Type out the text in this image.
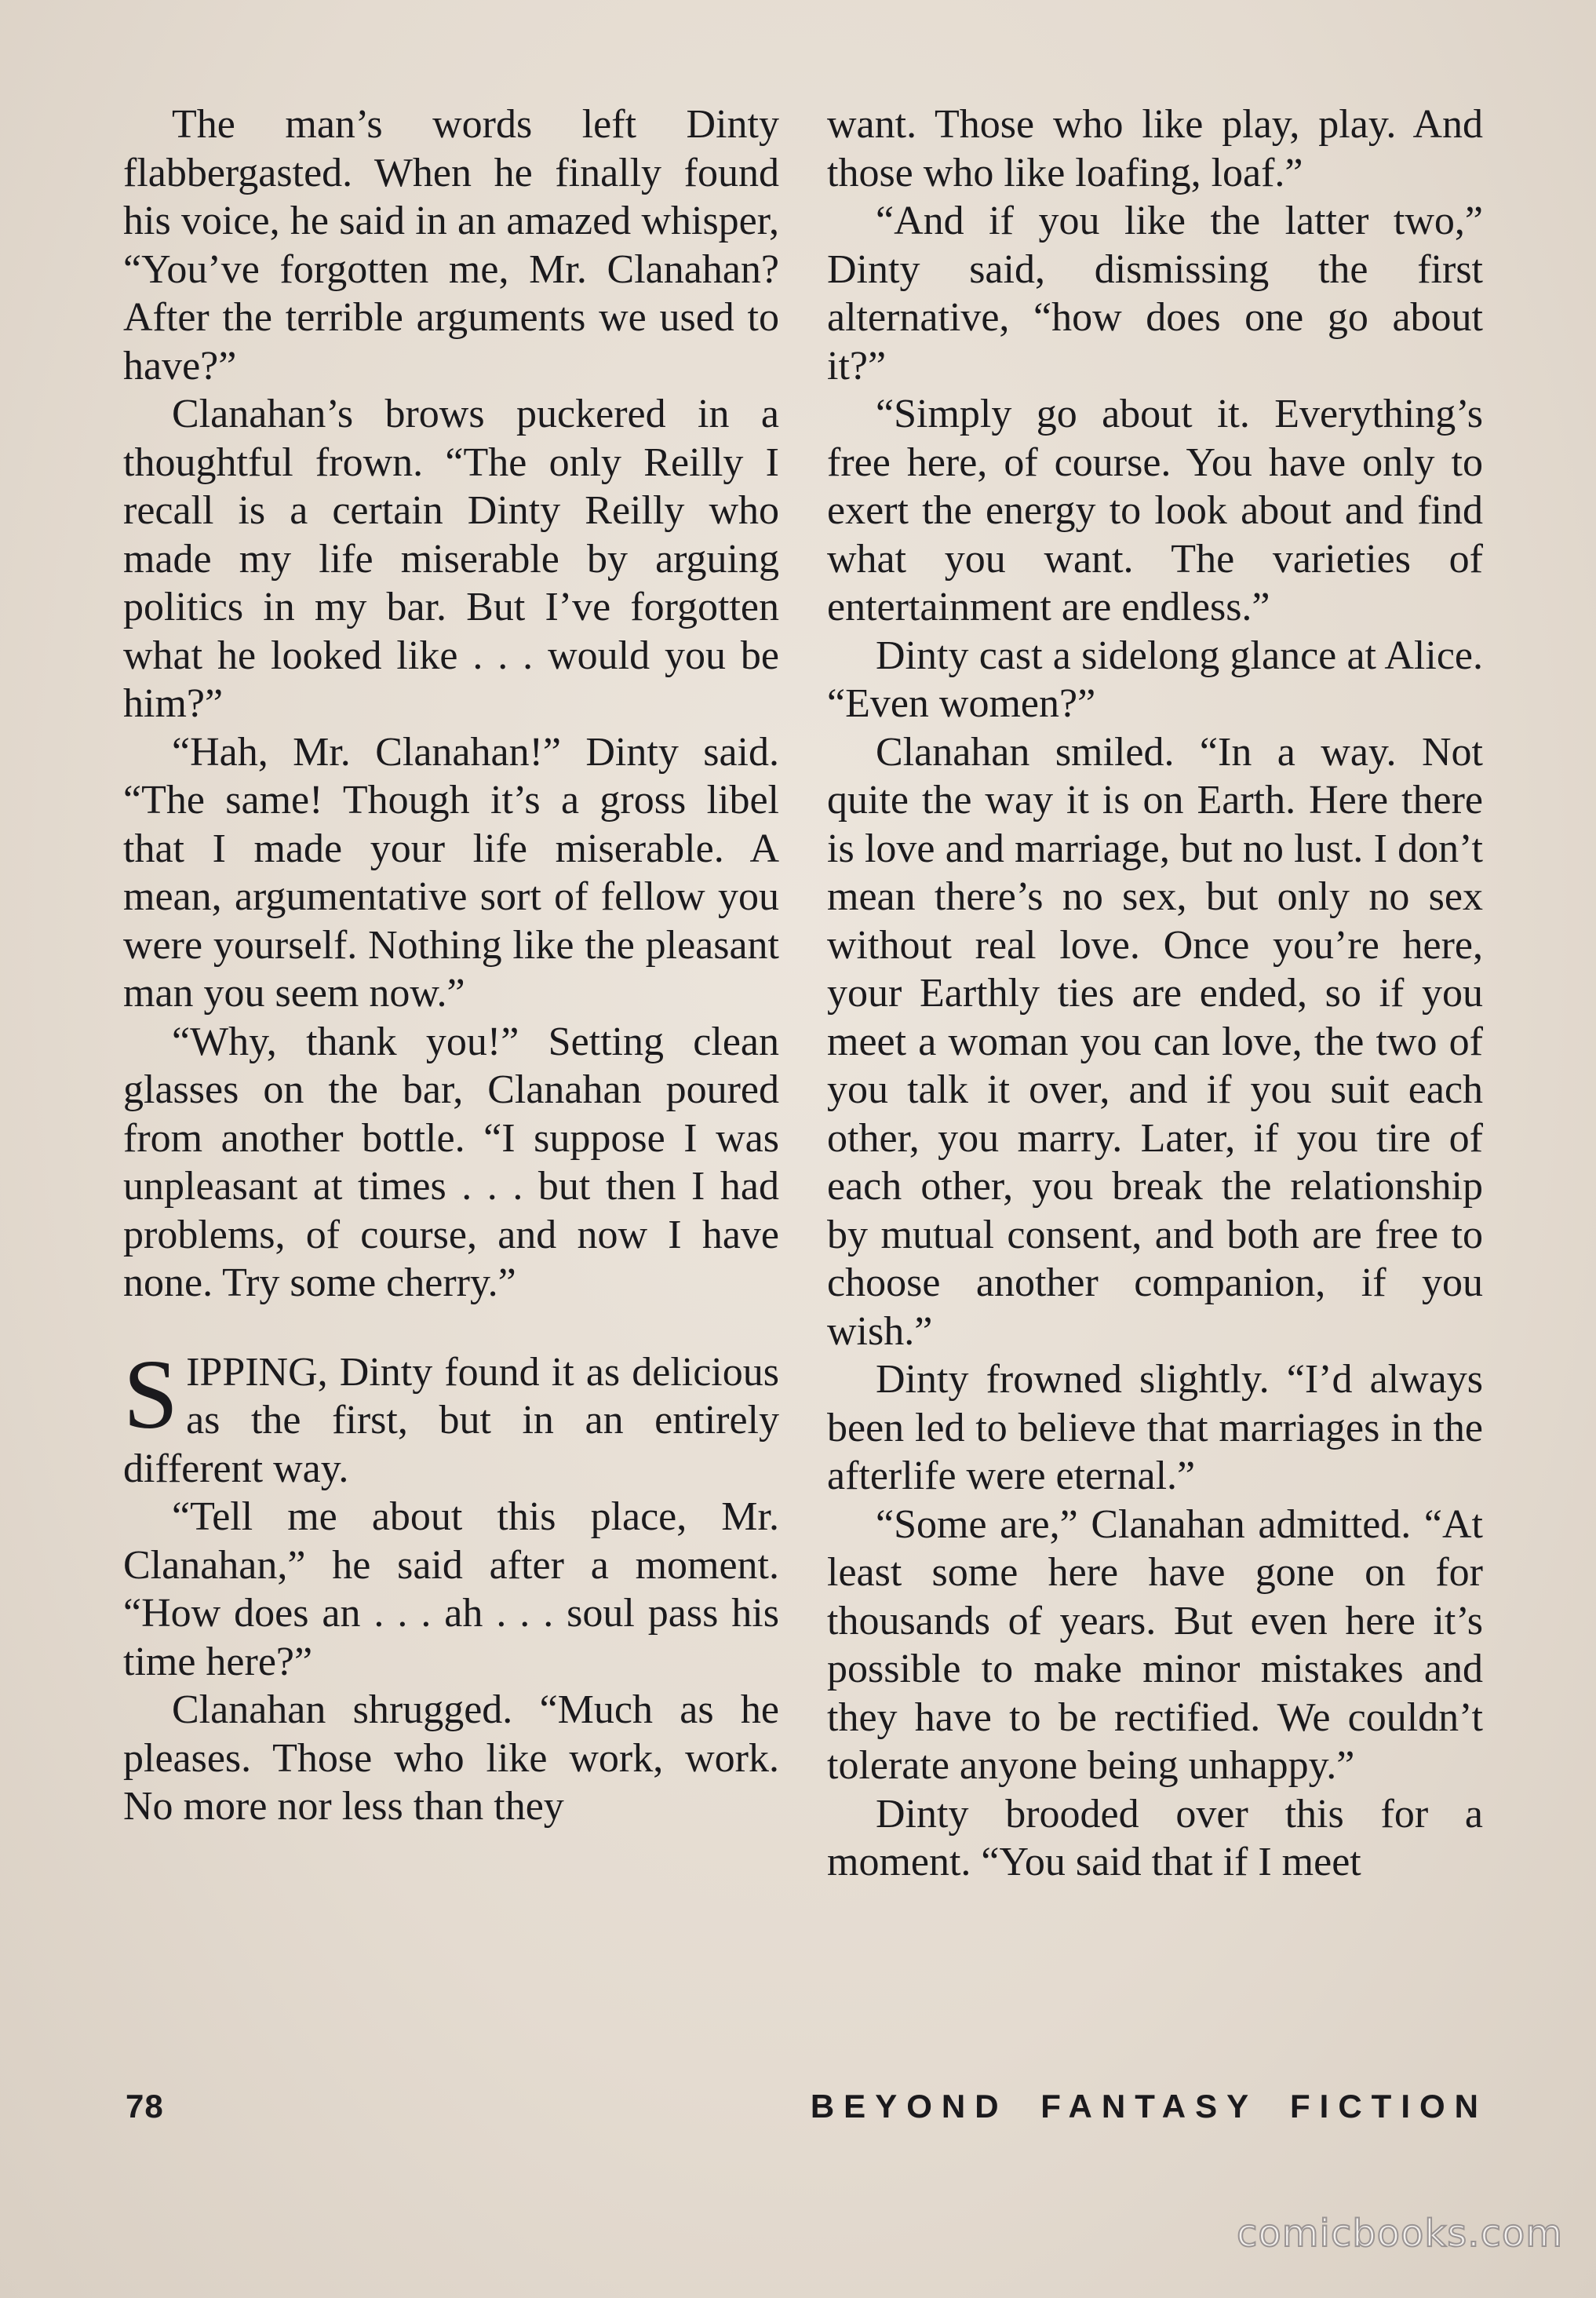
The man’s words left Dinty flabbergasted. When he finally found his voice, he said in an amazed whisper, “You’ve forgotten me, Mr. Clanahan? After the terrible arguments we used to have?”

Clanahan’s brows puckered in a thoughtful frown. “The only Reilly I recall is a certain Dinty Reilly who made my life miserable by arguing politics in my bar. But I’ve forgotten what he looked like . . . would you be him?”

“Hah, Mr. Clanahan!” Dinty said. “The same! Though it’s a gross libel that I made your life miserable. A mean, argumentative sort of fellow you were yourself. Nothing like the pleasant man you seem now.”

“Why, thank you!” Setting clean glasses on the bar, Clanahan poured from another bottle. “I suppose I was unpleasant at times . . . but then I had problems, of course, and now I have none. Try some cherry.”

SIPPING, Dinty found it as delicious as the first, but in an entirely different way.

“Tell me about this place, Mr. Clanahan,” he said after a moment. “How does an . . . ah . . . soul pass his time here?”

Clanahan shrugged. “Much as he pleases. Those who like work, work. No more nor less than they

want. Those who like play, play. And those who like loafing, loaf.”

“And if you like the latter two,” Dinty said, dismissing the first alternative, “how does one go about it?”

“Simply go about it. Everything’s free here, of course. You have only to exert the energy to look about and find what you want. The varieties of entertainment are endless.”

Dinty cast a sidelong glance at Alice. “Even women?”

Clanahan smiled. “In a way. Not quite the way it is on Earth. Here there is love and marriage, but no lust. I don’t mean there’s no sex, but only no sex without real love. Once you’re here, your Earthly ties are ended, so if you meet a woman you can love, the two of you talk it over, and if you suit each other, you marry. Later, if you tire of each other, you break the relationship by mutual consent, and both are free to choose another companion, if you wish.”

Dinty frowned slightly. “I’d always been led to believe that marriages in the afterlife were eternal.”

“Some are,” Clanahan admitted. “At least some here have gone on for thousands of years. But even here it’s possible to make minor mistakes and they have to be rectified. We couldn’t tolerate anyone being unhappy.”

Dinty brooded over this for a moment. “You said that if I meet

78	BEYOND FANTASY FICTION
comicbooks.com
